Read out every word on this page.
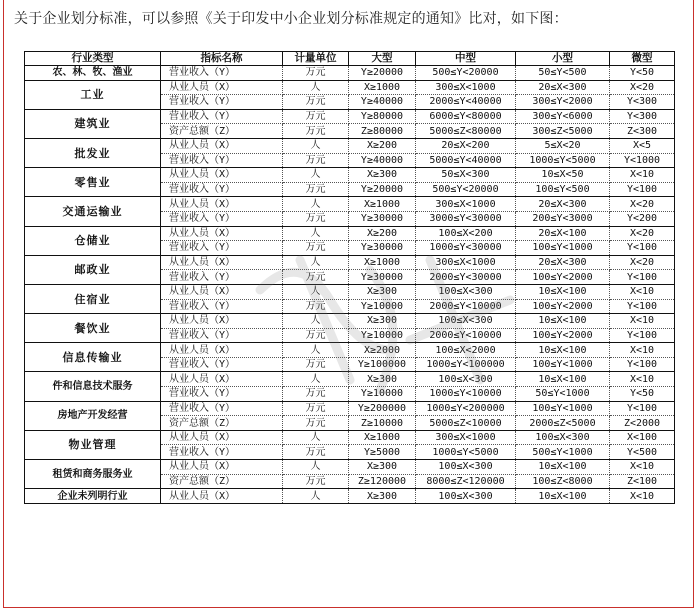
关于企业划分标准，可以参照《关于印发中小企业划分标准规定的通知》比对，如下图：
行业类型	指标名称	计量单位	大型	中型	小型	微型
农、林、牧、渔业	营业收入（Y）	万元	Y≥20000	500≤Y<20000	50≤Y<500	Y<50
工业	从业人员（X）	人	X≥1000	300≤X<1000	20≤X<300	X<20
	营业收入（Y）	万元	Y≥40000	2000≤Y<40000	300≤Y<2000	Y<300
建筑业	营业收入（Y）	万元	Y≥80000	6000≤Y<80000	300≤Y<6000	Y<300
	资产总额（Z）	万元	Z≥80000	5000≤Z<80000	300≤Z<5000	Z<300
批发业	从业人员（X）	人	X≥200	20≤X<200	5≤X<20	X<5
	营业收入（Y）	万元	Y≥40000	5000≤Y<40000	1000≤Y<5000	Y<1000
零售业	从业人员（X）	人	X≥300	50≤X<300	10≤X<50	X<10
	营业收入（Y）	万元	Y≥20000	500≤Y<20000	100≤Y<500	Y<100
交通运输业	从业人员（X）	人	X≥1000	300≤X<1000	20≤X<300	X<20
	营业收入（Y）	万元	Y≥30000	3000≤Y<30000	200≤Y<3000	Y<200
仓储业	从业人员（X）	人	X≥200	100≤X<200	20≤X<100	X<20
	营业收入（Y）	万元	Y≥30000	1000≤Y<30000	100≤Y<1000	Y<100
邮政业	从业人员（X）	人	X≥1000	300≤X<1000	20≤X<300	X<20
	营业收入（Y）	万元	Y≥30000	2000≤Y<30000	100≤Y<2000	Y<100
住宿业	从业人员（X）	人	X≥300	100≤X<300	10≤X<100	X<10
	营业收入（Y）	万元	Y≥10000	2000≤Y<10000	100≤Y<2000	Y<100
餐饮业	从业人员（X）	人	X≥300	100≤X<300	10≤X<100	X<10
	营业收入（Y）	万元	Y≥10000	2000≤Y<10000	100≤Y<2000	Y<100
信息传输业	从业人员（X）	人	X≥2000	100≤X<2000	10≤X<100	X<10
	营业收入（Y）	万元	Y≥100000	1000≤Y<100000	100≤Y<1000	Y<100
件和信息技术服务	从业人员（X）	人	X≥300	100≤X<300	10≤X<100	X<10
	营业收入（Y）	万元	Y≥10000	1000≤Y<10000	50≤Y<1000	Y<50
房地产开发经营	营业收入（Y）	万元	Y≥200000	1000≤Y<200000	100≤Y<1000	Y<100
	资产总额（Z）	万元	Z≥10000	5000≤Z<10000	2000≤Z<5000	Z<2000
物业管理	从业人员（X）	人	X≥1000	300≤X<1000	100≤X<300	X<100
	营业收入（Y）	万元	Y≥5000	1000≤Y<5000	500≤Y<1000	Y<500
租赁和商务服务业	从业人员（X）	人	X≥300	100≤X<300	10≤X<100	X<10
	资产总额（Z）	万元	Z≥120000	8000≤Z<120000	100≤Z<8000	Z<100
企业未列明行业	从业人员（X）	人	X≥300	100≤X<300	10≤X<100	X<10
